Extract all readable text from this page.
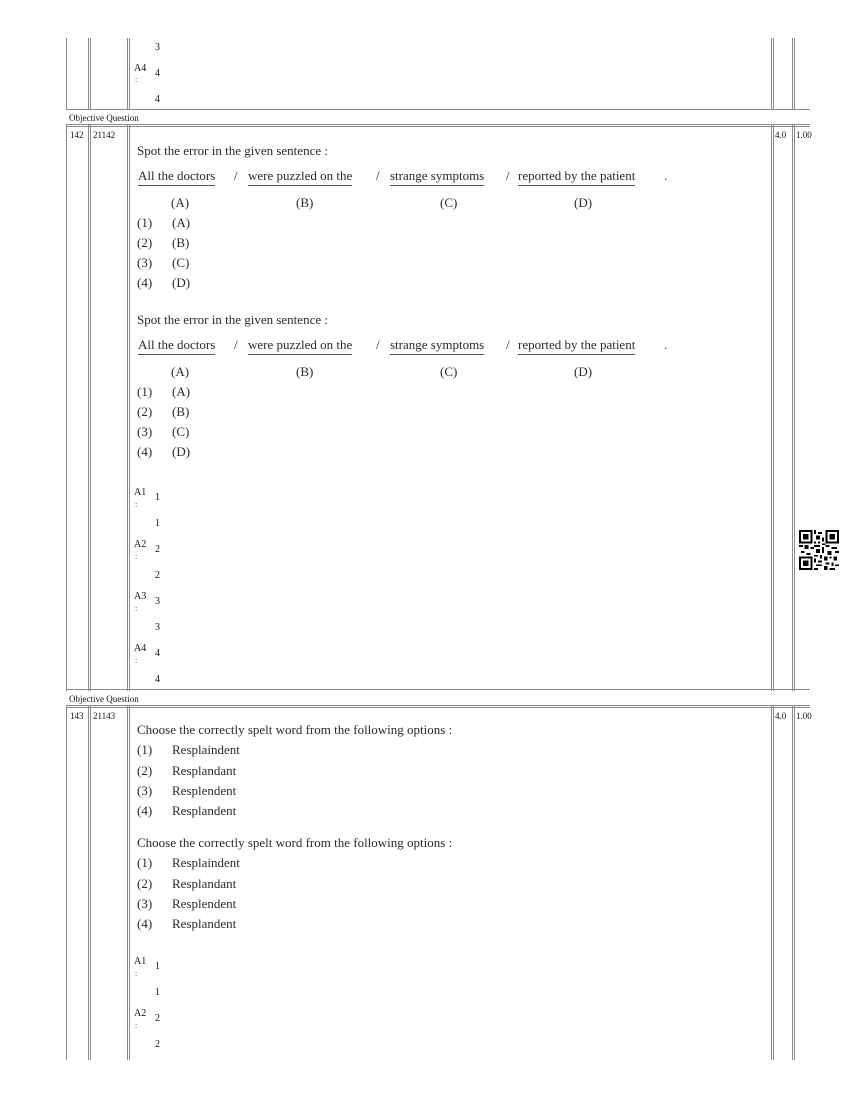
3
A4
:
4
4
Objective Question
142 21142	4.0 1.00
Spot the error in the given sentence :
All the doctors / were puzzled on the / strange symptoms / reported by the patient .
(A)	(B)	(C)	(D)
(1) (A)
(2) (B)
(3) (C)
(4) (D)
Spot the error in the given sentence :
All the doctors / were puzzled on the / strange symptoms / reported by the patient .
(A)	(B)	(C)	(D)
(1) (A)
(2) (B)
(3) (C)
(4) (D)
A1
:
1
1
A2
:
2
2
A3
:
3
3
A4
:
4
4
Objective Question
143 21143	4.0 1.00
Choose the correctly spelt word from the following options :
(1) Resplaindent
(2) Resplandant
(3) Resplendent
(4) Resplandent
Choose the correctly spelt word from the following options :
(1) Resplaindent
(2) Resplandant
(3) Resplendent
(4) Resplandent
A1
:
1
1
A2
:
2
2
